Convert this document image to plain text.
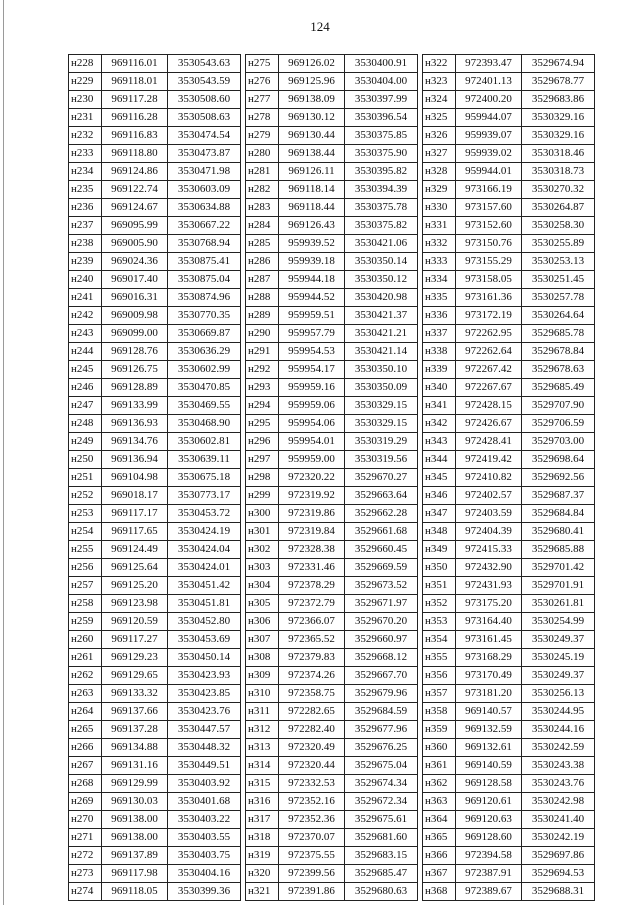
124
н228	969116.01	3530543.63
н229	969118.01	3530543.59
н230	969117.28	3530508.60
н231	969116.28	3530508.63
н232	969116.83	3530474.54
н233	969118.80	3530473.87
н234	969124.86	3530471.98
н235	969122.74	3530603.09
н236	969124.67	3530634.88
н237	969095.99	3530667.22
н238	969005.90	3530768.94
н239	969024.36	3530875.41
н240	969017.40	3530875.04
н241	969016.31	3530874.96
н242	969009.98	3530770.35
н243	969099.00	3530669.87
н244	969128.76	3530636.29
н245	969126.75	3530602.99
н246	969128.89	3530470.85
н247	969133.99	3530469.55
н248	969136.93	3530468.90
н249	969134.76	3530602.81
н250	969136.94	3530639.11
н251	969104.98	3530675.18
н252	969018.17	3530773.17
н253	969117.17	3530453.72
н254	969117.65	3530424.19
н255	969124.49	3530424.04
н256	969125.64	3530424.01
н257	969125.20	3530451.42
н258	969123.98	3530451.81
н259	969120.59	3530452.80
н260	969117.27	3530453.69
н261	969129.23	3530450.14
н262	969129.65	3530423.93
н263	969133.32	3530423.85
н264	969137.66	3530423.76
н265	969137.28	3530447.57
н266	969134.88	3530448.32
н267	969131.16	3530449.51
н268	969129.99	3530403.92
н269	969130.03	3530401.68
н270	969138.00	3530403.22
н271	969138.00	3530403.55
н272	969137.89	3530403.75
н273	969117.98	3530404.16
н274	969118.05	3530399.36
н275	969126.02	3530400.91
н276	969125.96	3530404.00
н277	969138.09	3530397.99
н278	969130.12	3530396.54
н279	969130.44	3530375.85
н280	969138.44	3530375.90
н281	969126.11	3530395.82
н282	969118.14	3530394.39
н283	969118.44	3530375.78
н284	969126.43	3530375.82
н285	959939.52	3530421.06
н286	959939.18	3530350.14
н287	959944.18	3530350.12
н288	959944.52	3530420.98
н289	959959.51	3530421.37
н290	959957.79	3530421.21
н291	959954.53	3530421.14
н292	959954.17	3530350.10
н293	959959.16	3530350.09
н294	959959.06	3530329.15
н295	959954.06	3530329.15
н296	959954.01	3530319.29
н297	959959.00	3530319.56
н298	972320.22	3529670.27
н299	972319.92	3529663.64
н300	972319.86	3529662.28
н301	972319.84	3529661.68
н302	972328.38	3529660.45
н303	972331.46	3529669.59
н304	972378.29	3529673.52
н305	972372.79	3529671.97
н306	972366.07	3529670.20
н307	972365.52	3529660.97
н308	972379.83	3529668.12
н309	972374.26	3529667.70
н310	972358.75	3529679.96
н311	972282.65	3529684.59
н312	972282.40	3529677.96
н313	972320.49	3529676.25
н314	972320.44	3529675.04
н315	972332.53	3529674.34
н316	972352.16	3529672.34
н317	972352.36	3529675.61
н318	972370.07	3529681.60
н319	972375.55	3529683.15
н320	972399.56	3529685.47
н321	972391.86	3529680.63
н322	972393.47	3529674.94
н323	972401.13	3529678.77
н324	972400.20	3529683.86
н325	959944.07	3530329.16
н326	959939.07	3530329.16
н327	959939.02	3530318.46
н328	959944.01	3530318.73
н329	973166.19	3530270.32
н330	973157.60	3530264.87
н331	973152.60	3530258.30
н332	973150.76	3530255.89
н333	973155.29	3530253.13
н334	973158.05	3530251.45
н335	973161.36	3530257.78
н336	973172.19	3530264.64
н337	972262.95	3529685.78
н338	972262.64	3529678.84
н339	972267.42	3529678.63
н340	972267.67	3529685.49
н341	972428.15	3529707.90
н342	972426.67	3529706.59
н343	972428.41	3529703.00
н344	972419.42	3529698.64
н345	972410.82	3529692.56
н346	972402.57	3529687.37
н347	972403.59	3529684.84
н348	972404.39	3529680.41
н349	972415.33	3529685.88
н350	972432.90	3529701.42
н351	972431.93	3529701.91
н352	973175.20	3530261.81
н353	973164.40	3530254.99
н354	973161.45	3530249.37
н355	973168.29	3530245.19
н356	973170.49	3530249.37
н357	973181.20	3530256.13
н358	969140.57	3530244.95
н359	969132.59	3530244.16
н360	969132.61	3530242.59
н361	969140.59	3530243.38
н362	969128.58	3530243.76
н363	969120.61	3530242.98
н364	969120.63	3530241.40
н365	969128.60	3530242.19
н366	972394.58	3529697.86
н367	972387.91	3529694.53
н368	972389.67	3529688.31
